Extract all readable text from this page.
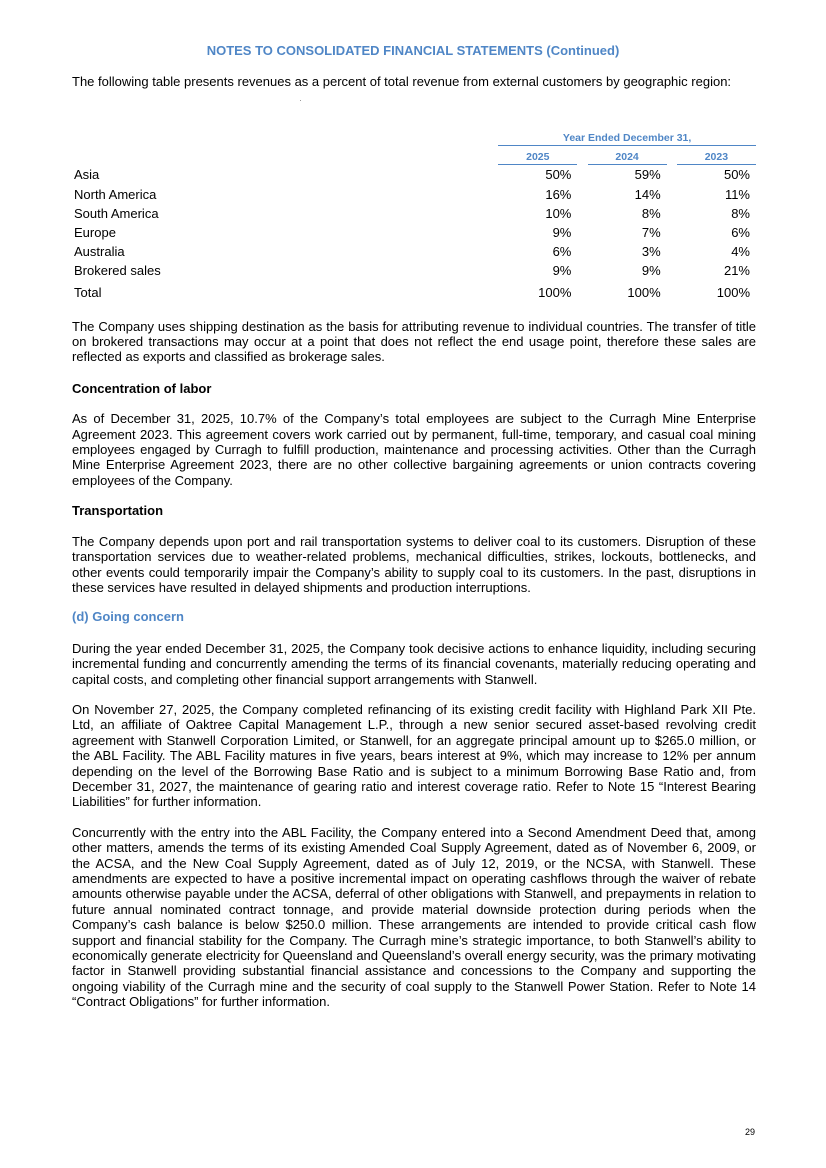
NOTES TO CONSOLIDATED FINANCIAL STATEMENTS (Continued)

The following table presents revenues as a percent of total revenue from external customers by geographic region:

	Year Ended December 31,				
	2025		2024		2023
Asia	50%		59%		50%
North America	16%		14%		11%
South America	10%		8%		8%
Europe	9%		7%		6%
Australia	6%		3%		4%
Brokered sales	9%		9%		21%
Total	100%		100%		100%

The Company uses shipping destination as the basis for attributing revenue to individual countries. The transfer of title on brokered transactions may occur at a point that does not reflect the end usage point, therefore these sales are reflected as exports and classified as brokerage sales.

Concentration of labor

As of December 31, 2025, 10.7% of the Company’s total employees are subject to the Curragh Mine Enterprise Agreement 2023. This agreement covers work carried out by permanent, full-time, temporary, and casual coal mining employees engaged by Curragh to fulfill production, maintenance and processing activities. Other than the Curragh Mine Enterprise Agreement 2023, there are no other collective bargaining agreements or union contracts covering employees of the Company.

Transportation

The Company depends upon port and rail transportation systems to deliver coal to its customers. Disruption of these transportation services due to weather-related problems, mechanical difficulties, strikes, lockouts, bottlenecks, and other events could temporarily impair the Company’s ability to supply coal to its customers. In the past, disruptions in these services have resulted in delayed shipments and production interruptions.

(d) Going concern

During the year ended December 31, 2025, the Company took decisive actions to enhance liquidity, including securing incremental funding and concurrently amending the terms of its financial covenants, materially reducing operating and capital costs, and completing other financial support arrangements with Stanwell.

On November 27, 2025, the Company completed refinancing of its existing credit facility with Highland Park XII Pte. Ltd, an affiliate of Oaktree Capital Management L.P., through a new senior secured asset-based revolving credit agreement with Stanwell Corporation Limited, or Stanwell, for an aggregate principal amount up to $265.0 million, or the ABL Facility. The ABL Facility matures in five years, bears interest at 9%, which may increase to 12% per annum depending on the level of the Borrowing Base Ratio and is subject to a minimum Borrowing Base Ratio and, from December 31, 2027, the maintenance of gearing ratio and interest coverage ratio. Refer to Note 15 “Interest Bearing Liabilities” for further information.

Concurrently with the entry into the ABL Facility, the Company entered into a Second Amendment Deed that, among other matters, amends the terms of its existing Amended Coal Supply Agreement, dated as of November 6, 2009, or the ACSA, and the New Coal Supply Agreement, dated as of July 12, 2019, or the NCSA, with Stanwell. These amendments are expected to have a positive incremental impact on operating cashflows through the waiver of rebate amounts otherwise payable under the ACSA, deferral of other obligations with Stanwell, and prepayments in relation to future annual nominated contract tonnage, and provide material downside protection during periods when the Company’s cash balance is below $250.0 million. These arrangements are intended to provide critical cash flow support and financial stability for the Company. The Curragh mine’s strategic importance, to both Stanwell’s ability to economically generate electricity for Queensland and Queensland’s overall energy security, was the primary motivating factor in Stanwell providing substantial financial assistance and concessions to the Company and supporting the ongoing viability of the Curragh mine and the security of coal supply to the Stanwell Power Station. Refer to Note 14 “Contract Obligations” for further information.

29
